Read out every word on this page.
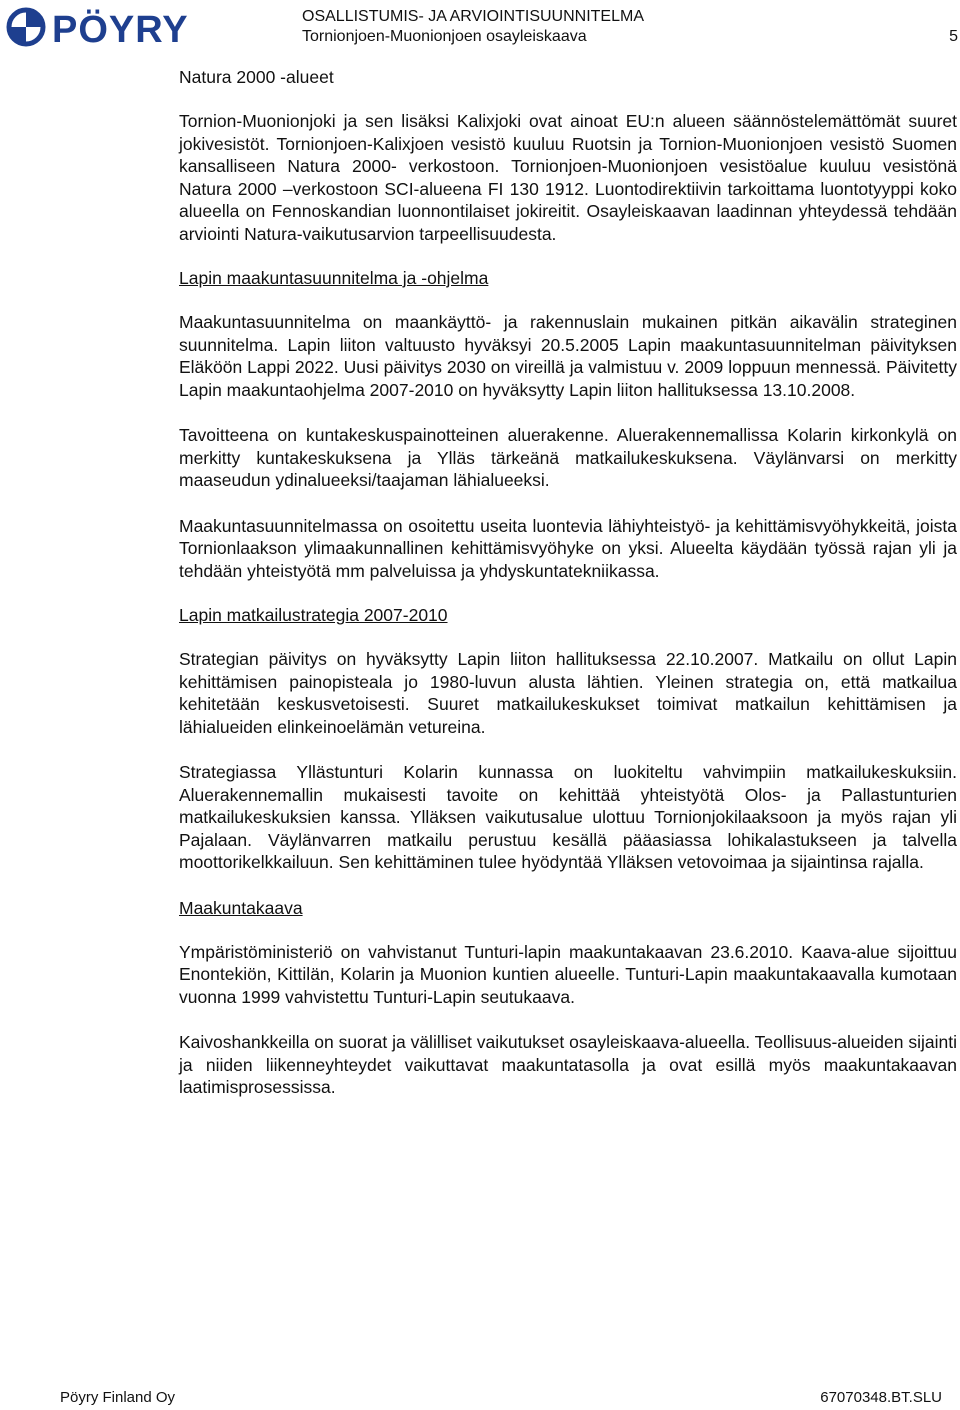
PÖYRY	OSALLISTUMIS- JA ARVIOINTISUUNNITELMA
Tornionjoen-Muonionjoen osayleiskaava	5
Natura 2000 -alueet

Tornion-Muonionjoki ja sen lisäksi Kalixjoki ovat ainoat EU:n alueen säännöstelemättömät suuret jokivesistöt. Tornionjoen-Kalixjoen vesistö kuuluu Ruotsin ja Tornion-Muonionjoen vesistö Suomen kansalliseen Natura 2000- verkostoon. Tornionjoen-Muonionjoen vesistöalue kuuluu vesistönä Natura 2000 –verkostoon SCI-alueena FI 130 1912. Luontodirektiivin tarkoittama luontotyyppi koko alueella on Fennoskandian luonnontilaiset jokireitit. Osayleiskaavan laadinnan yhteydessä tehdään arviointi Natura-vaikutusarvion tarpeellisuudesta.

Lapin maakuntasuunnitelma ja -ohjelma

Maakuntasuunnitelma on maankäyttö- ja rakennuslain mukainen pitkän aikavälin strateginen suunnitelma. Lapin liiton valtuusto hyväksyi 20.5.2005 Lapin maakuntasuunnitelman päivityksen Eläköön Lappi 2022. Uusi päivitys 2030 on vireillä ja valmistuu v. 2009 loppuun mennessä. Päivitetty Lapin maakuntaohjelma 2007-2010 on hyväksytty Lapin liiton hallituksessa 13.10.2008.

Tavoitteena on kuntakeskuspainotteinen aluerakenne. Aluerakennemallissa Kolarin kirkonkylä on merkitty kuntakeskuksena ja Ylläs tärkeänä matkailukeskuksena. Väylänvarsi on merkitty maaseudun ydinalueeksi/taajaman lähialueeksi.

Maakuntasuunnitelmassa on osoitettu useita luontevia lähiyhteistyö- ja kehittämisvyöhykkeitä, joista Tornionlaakson ylimaakunnallinen kehittämisvyöhyke on yksi. Alueelta käydään työssä rajan yli ja tehdään yhteistyötä mm palveluissa ja yhdyskuntatekniikassa.

Lapin matkailustrategia 2007-2010

Strategian päivitys on hyväksytty Lapin liiton hallituksessa 22.10.2007. Matkailu on ollut Lapin kehittämisen painopisteala jo 1980-luvun alusta lähtien. Yleinen strategia on, että matkailua kehitetään keskusvetoisesti. Suuret matkailukeskukset toimivat matkailun kehittämisen ja lähialueiden elinkeinoelämän vetureina.

Strategiassa Yllästunturi Kolarin kunnassa on luokiteltu vahvimpiin matkailukeskuksiin. Aluerakennemallin mukaisesti tavoite on kehittää yhteistyötä Olos- ja Pallastunturien matkailukeskuksien kanssa. Ylläksen vaikutusalue ulottuu Tornionjokilaaksoon ja myös rajan yli Pajalaan. Väylänvarren matkailu perustuu kesällä pääasiassa lohikalastukseen ja talvella moottorikelkkailuun. Sen kehittäminen tulee hyödyntää Ylläksen vetovoimaa ja sijaintinsa rajalla.

Maakuntakaava

Ympäristöministeriö on vahvistanut Tunturi-lapin maakuntakaavan 23.6.2010. Kaava-alue sijoittuu Enontekiön, Kittilän, Kolarin ja Muonion kuntien alueelle. Tunturi-Lapin maakuntakaavalla kumotaan vuonna 1999 vahvistettu Tunturi-Lapin seutukaava.

Kaivoshankkeilla on suorat ja välilliset vaikutukset osayleiskaava-alueella. Teollisuus-alueiden sijainti ja niiden liikenneyhteydet vaikuttavat maakuntatasolla ja ovat esillä myös maakuntakaavan laatimisprosessissa.

Pöyry Finland Oy	67070348.BT.SLU
